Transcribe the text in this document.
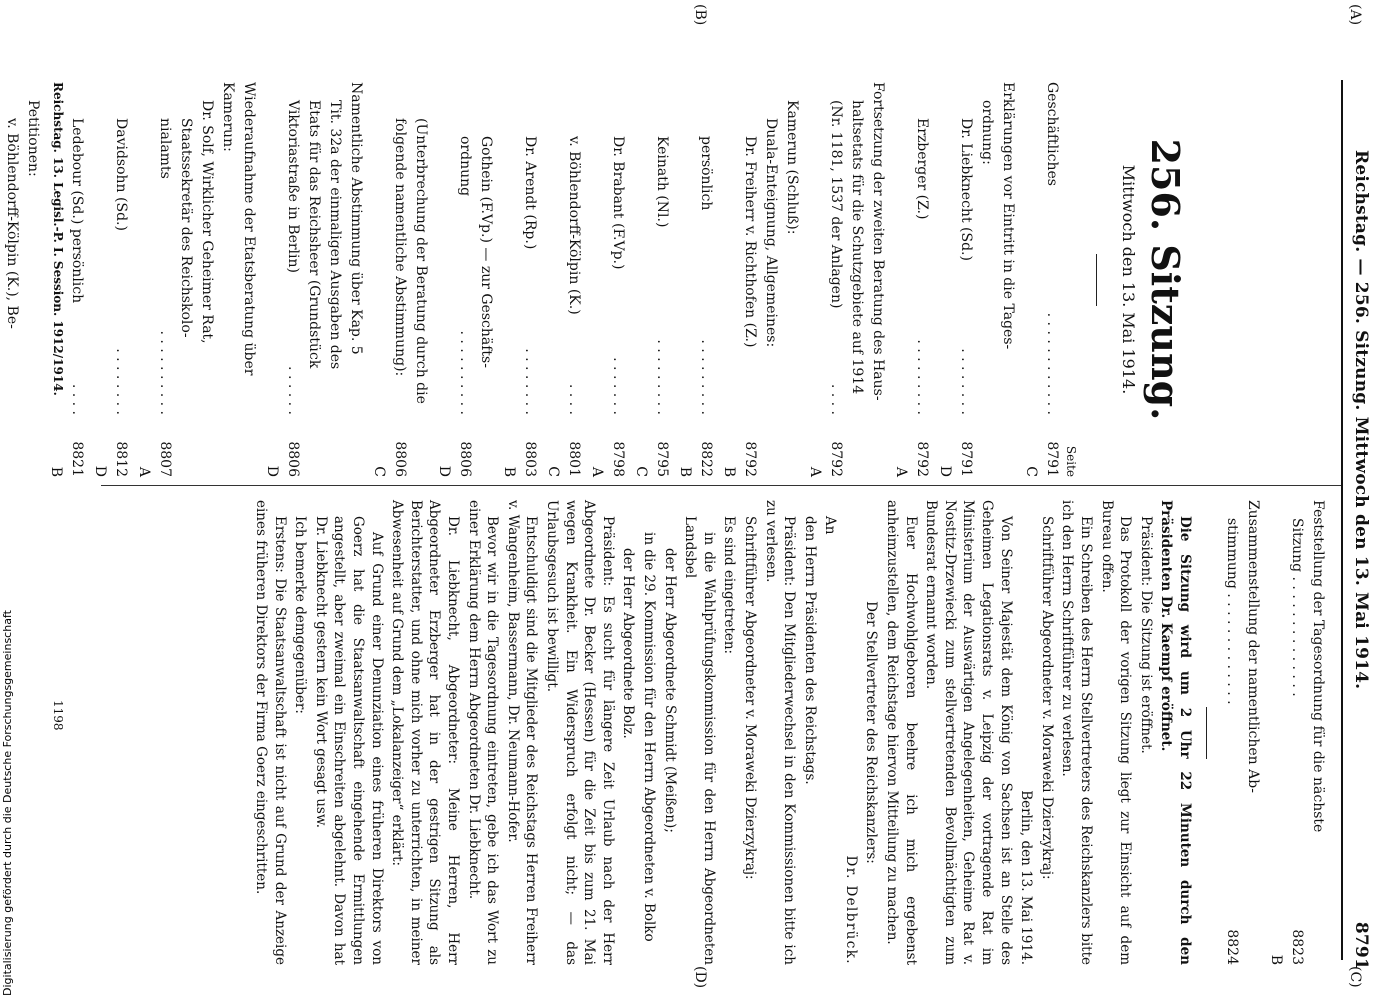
Reichstag. — 256. Sitzung. Mittwoch den 13. Mai 1914.
8791
(A)
(B)
(C)
(D)
256. Sitzung.
Mittwoch den 13. Mai 1914.
Seite
Geschäftliches
. . . . . . . . . . . .
8791 C
Erklärungen vor Eintritt in die Tages-
ordnung:
Dr. Liebknecht (Sd.)
. . . . . . . .
8791 D
Erzberger (Z.)
. . . . . . . . .
8792 A
Fortsetzung der zweiten Beratung des Haus-
haltsetats für die Schutzgebiete auf 1914
(Nr. 1181, 1537 der Anlagen)
. . . .
8792 A
Kamerun (Schluß):
Duala-Enteignung, Allgemeines:
Dr. Freiherr v. Richthofen (Z.)
8792 B
persönlich
. . . . . . . . .
8822 B
Keinath (Nl.)
. . . . . . . . .
8795 C
Dr. Brabant (F.Vp.)
. . . . . . .
8798 A
v. Böhlendorff-Kölpin (K.)
. . . .
8801 C
Dr. Arendt (Rp.)
. . . . . . . .
8803 B
Gothein (F.Vp.) — zur Geschäfts-
ordnung
. . . . . . . . . .
8806 D
(Unterbrechung der Beratung durch die
folgende namentliche Abstimmung):
8806 C
Namentliche Abstimmung über Kap. 5
Tit. 32a der einmaligen Ausgaben des
Etats für das Reichsheer (Grundstück
Viktoriastraße in Berlin)
. . . . . .
8806 D
Wiederaufnahme der Etatsberatung über
Kamerun:
Dr. Solf, Wirklicher Geheimer Rat,
Staatssekretär des Reichskolo-
nialamts
. . . . . . . . . .
8807 A
Davidsohn (Sd.)
. . . . . . . .
8812 D
Ledebour (Sd.) persönlich
. . . .
8821 B
Petitionen:
v. Böhlendorff-Kölpin (K.), Be-
Feststellung der Tagesordnung für die nächste
Sitzung . . . . . . . . . . . . . .
8823 B
Zusammenstellung der namentlichen Ab-
stimmung . . . . . . . . . . . . .
8824

Die Sitzung wird um 2 Uhr 22 Minuten durch den Präsidenten Dr. Kaempf eröffnet.

Präsident: Die Sitzung ist eröffnet.

Das Protokoll der vorigen Sitzung liegt zur Einsicht auf dem Bureau offen.

Ein Schreiben des Herrn Stellvertreters des Reichskanzlers bitte ich den Herrn Schriftführer zu verlesen.

Schriftführer Abgeordneter v. Moraweki Dzierzykraj:

Berlin, den 13. Mai 1914.

Von Seiner Majestät dem König von Sachsen ist an Stelle des Geheimen Legationsrats v. Leipzig der vortragende Rat im Ministerium der Auswärtigen Angelegenheiten, Geheime Rat v. Nostitz-Drzewiecki zum stellvertretenden Bevollmächtigten zum Bundesrat ernannt worden.

Euer Hochwohlgeboren beehre ich mich ergebenst anheimzustellen, dem Reichstage hiervon Mitteilung zu machen.

Der Stellvertreter des Reichskanzlers:

Dr. Delbrück.

An

den Herrn Präsidenten des Reichstags.

Präsident: Den Mitgliederwechsel in den Kommissionen bitte ich zu verlesen.

Schriftführer Abgeordneter v. Moraweki Dzierzykraj:

Es sind eingetreten:

in die Wahlprüfungskommission für den Herrn Abgeordneten Landsbel

der Herr Abgeordnete Schmidt (Meißen);

in die 29. Kommission für den Herrn Abgeordneten v. Bolko

der Herr Abgeordnete Bolz.

Präsident: Es sucht für längere Zeit Urlaub nach der Herr Abgeordnete Dr. Becker (Hessen) für die Zeit bis zum 21. Mai wegen Krankheit. Ein Widerspruch erfolgt nicht; — das Urlaubsgesuch ist bewilligt.

Entschuldigt sind die Mitglieder des Reichstags Herren Freiherr v. Wangenheim, Bassermann, Dr. Neumann-Hofer.

Bevor wir in die Tagesordnung eintreten, gebe ich das Wort zu einer Erklärung dem Herrn Abgeordneten Dr. Liebknecht.

Dr. Liebknecht, Abgeordneter: Meine Herren, Herr Abgeordneter Erzberger hat in der gestrigen Sitzung als Berichterstatter, und ohne mich vorher zu unterrichten, in meiner Abwesenheit auf Grund dem „Lokalanzeiger“ erklärt:

Auf Grund einer Denunziation eines früheren Direktors von Goerz hat die Staatsanwaltschaft eingehende Ermittlungen angestellt, aber zweimal ein Einschreiten abgelehnt. Davon hat Dr. Liebknecht gestern kein Wort gesagt usw.

Ich bemerke demgegenüber:

Erstens: Die Staatsanwaltschaft ist nicht auf Grund der Anzeige eines früheren Direktors der Firma Goerz eingeschritten.

Reichstag. 13. Legisl.-P. I. Session. 1912/1914.
1198
Digitalisierung gefördert durch die Deutsche Forschungsgemeinschaft
